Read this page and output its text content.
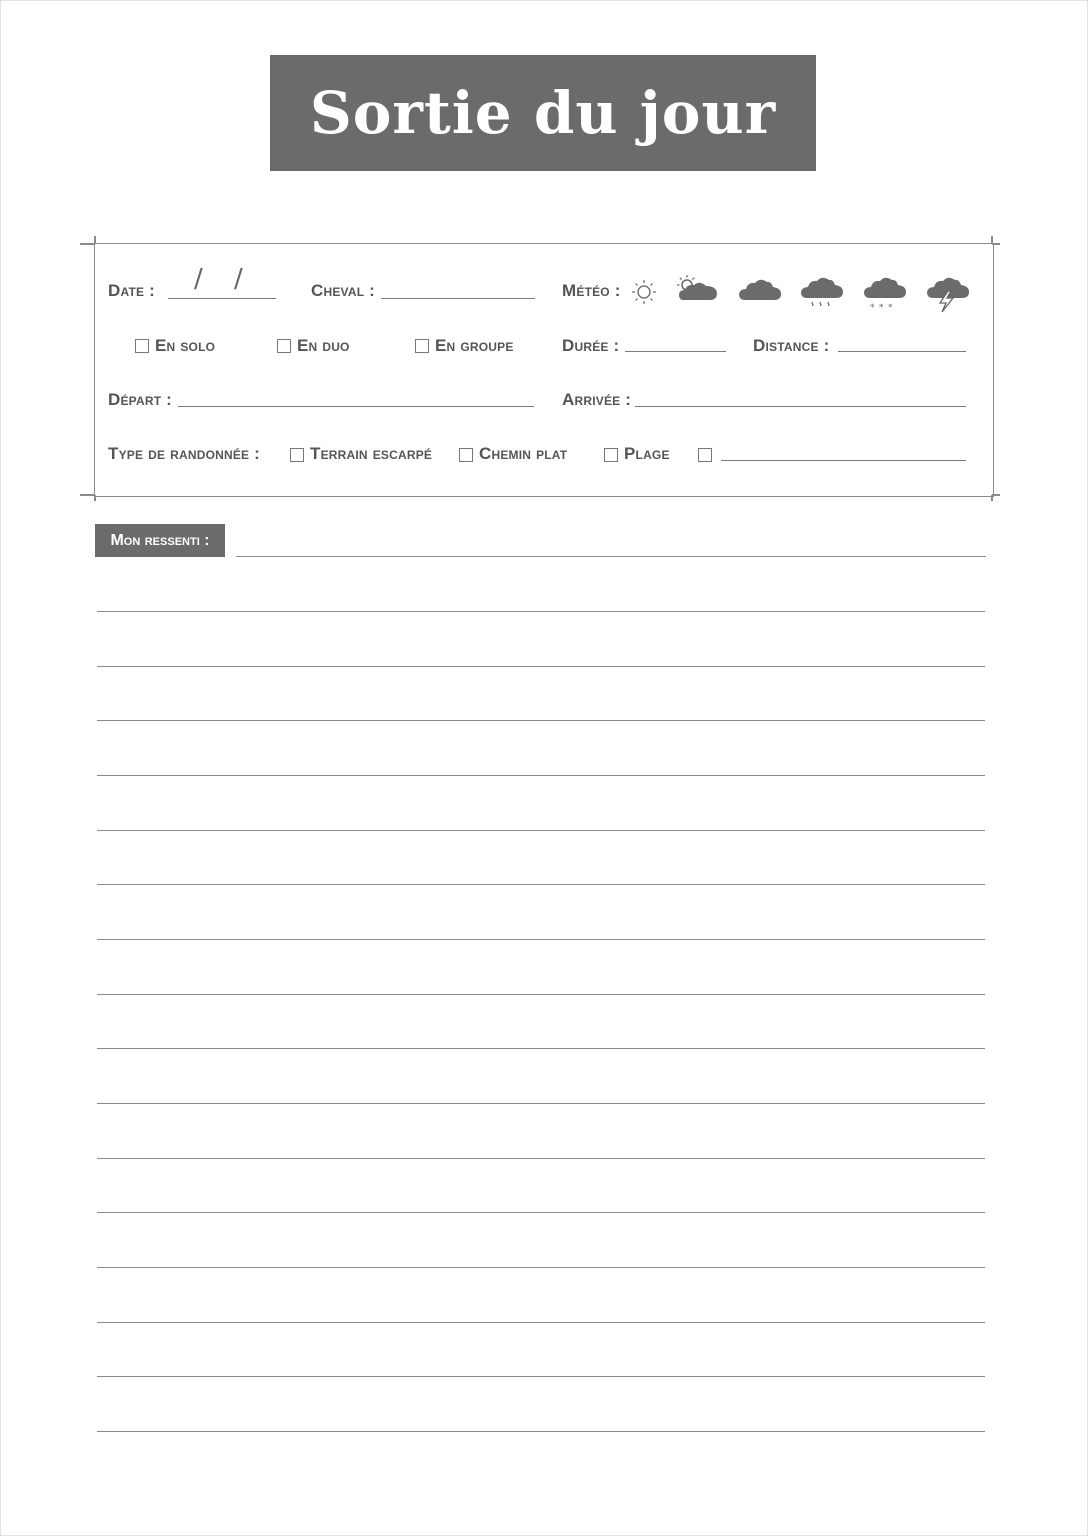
Sortie du jour
Date : / /	Cheval :	Météo :
* * *
En solo	En duo	En groupe	Durée :	Distance :
Départ :	Arrivée :
Type de randonnée :	Terrain escarpé	Chemin plat	Plage
Mon ressenti :
